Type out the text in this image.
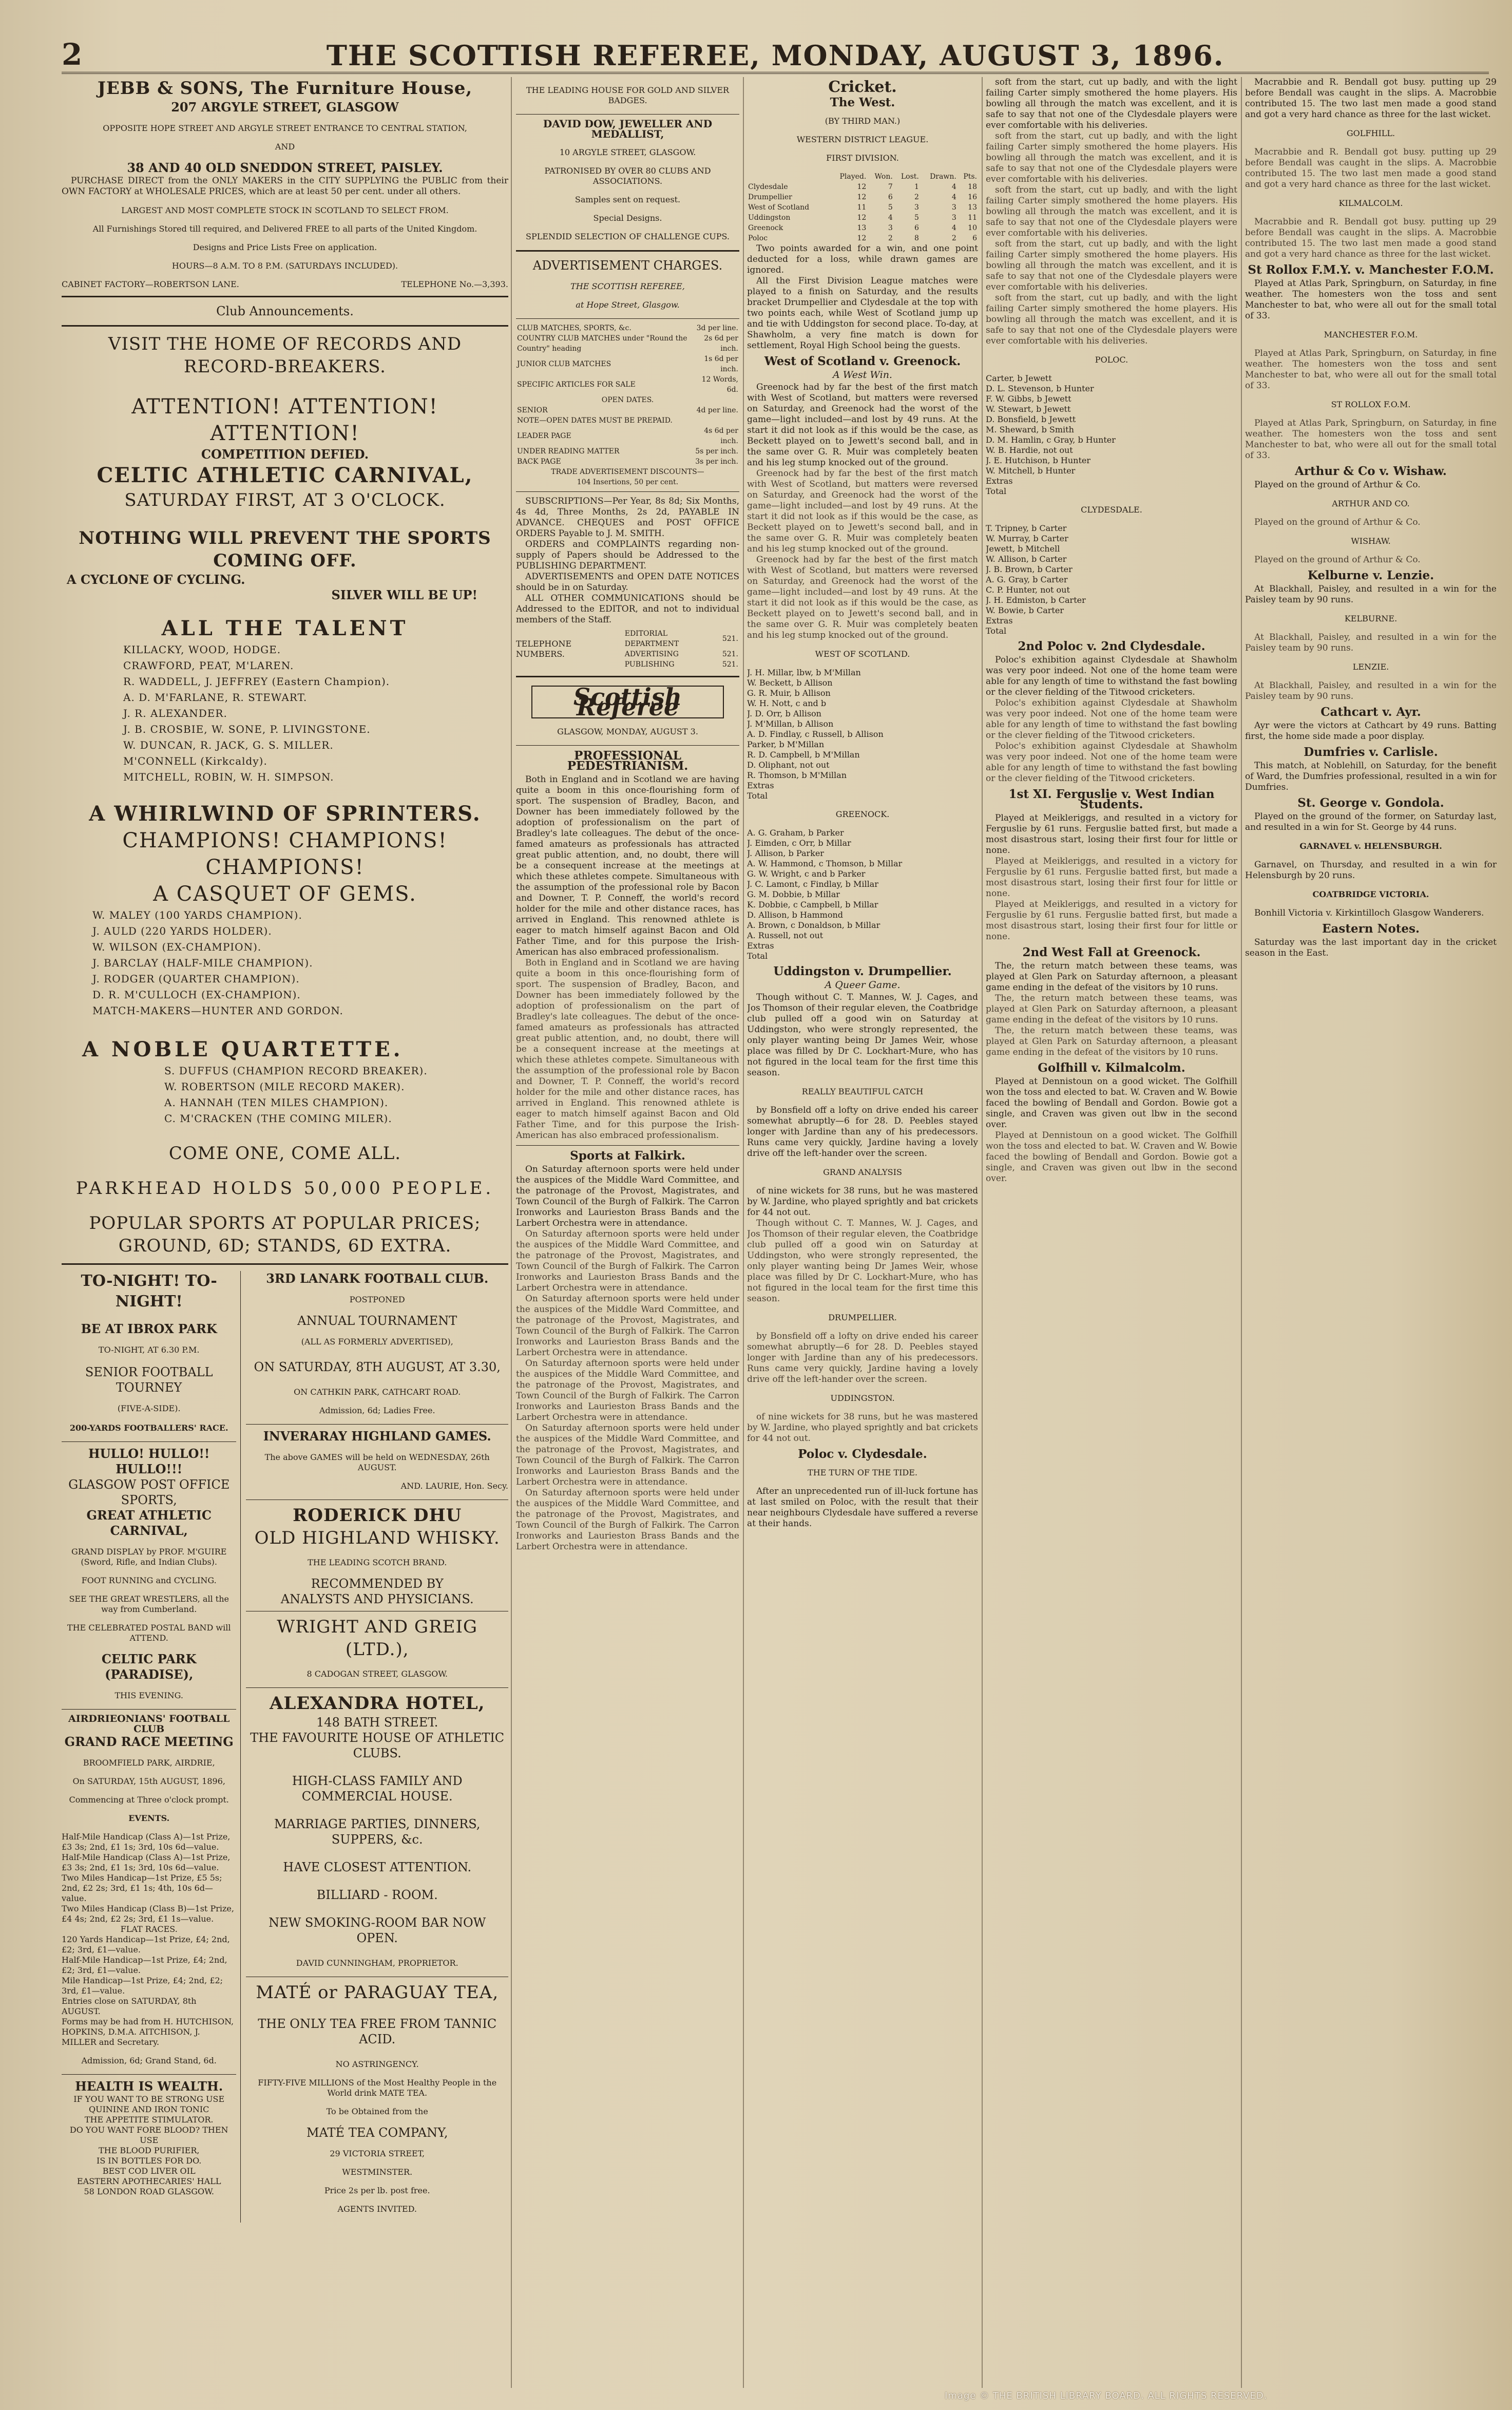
2	THE SCOTTISH REFEREE, MONDAY, AUGUST 3, 1896.

JEBB & SONS, The Furniture House,

207 ARGYLE STREET, GLASGOW

OPPOSITE HOPE STREET AND ARGYLE STREET ENTRANCE TO CENTRAL STATION,

AND

38 AND 40 OLD SNEDDON STREET, PAISLEY.

PURCHASE DIRECT from the ONLY MAKERS in the CITY SUPPLYING the PUBLIC from their OWN FACTORY at WHOLESALE PRICES, which are at least 50 per cent. under all others.

LARGEST AND MOST COMPLETE STOCK IN SCOTLAND TO SELECT FROM.

All Furnishings Stored till required, and Delivered FREE to all parts of the United Kingdom.

Designs and Price Lists Free on application.

HOURS—8 A.M. TO 8 P.M. (SATURDAYS INCLUDED).

CABINET FACTORY—ROBERTSON LANE.	TELEPHONE No.—3,393.

Club Announcements.

VISIT THE HOME OF RECORDS AND RECORD-BREAKERS.

ATTENTION! ATTENTION! ATTENTION!

COMPETITION DEFIED.

CELTIC ATHLETIC CARNIVAL,

SATURDAY FIRST, AT 3 O'CLOCK.

NOTHING WILL PREVENT THE SPORTS COMING OFF.

A CYCLONE OF CYCLING.

SILVER WILL BE UP!

ALL THE TALENT

KILLACKY, WOOD, HODGE.
CRAWFORD, PEAT, M'LAREN.
R. WADDELL, J. JEFFREY (Eastern Champion).
A. D. M'FARLANE, R. STEWART.
J. R. ALEXANDER.
J. B. CROSBIE, W. SONE, P. LIVINGSTONE.
W. DUNCAN, R. JACK, G. S. MILLER.
M'CONNELL (Kirkcaldy).
MITCHELL, ROBIN, W. H. SIMPSON.

A WHIRLWIND OF SPRINTERS.

CHAMPIONS! CHAMPIONS! CHAMPIONS!

A CASQUET OF GEMS.

W. MALEY (100 YARDS CHAMPION).
J. AULD (220 YARDS HOLDER).
W. WILSON (EX-CHAMPION).
J. BARCLAY (HALF-MILE CHAMPION).
J. RODGER (QUARTER CHAMPION).
D. R. M'CULLOCH (EX-CHAMPION).
MATCH-MAKERS—HUNTER AND GORDON.

A NOBLE QUARTETTE.

S. DUFFUS (CHAMPION RECORD BREAKER).
W. ROBERTSON (MILE RECORD MAKER).
A. HANNAH (TEN MILES CHAMPION).
C. M'CRACKEN (THE COMING MILER).

COME ONE, COME ALL.

PARKHEAD HOLDS 50,000 PEOPLE.

POPULAR SPORTS AT POPULAR PRICES;

GROUND, 6D; STANDS, 6D EXTRA.

TO-NIGHT! TO-NIGHT!

BE AT IBROX PARK

TO-NIGHT, AT 6.30 P.M.

SENIOR FOOTBALL TOURNEY

(FIVE-A-SIDE).

200-YARDS FOOTBALLERS' RACE.

HULLO! HULLO!! HULLO!!!

GLASGOW POST OFFICE SPORTS,

GREAT ATHLETIC CARNIVAL,

GRAND DISPLAY by PROF. M'GUIRE (Sword, Rifle, and Indian Clubs).

FOOT RUNNING and CYCLING.

SEE THE GREAT WRESTLERS, all the way from Cumberland.

THE CELEBRATED POSTAL BAND will ATTEND.

CELTIC PARK (PARADISE),

THIS EVENING.

AIRDRIEONIANS' FOOTBALL CLUB

GRAND RACE MEETING

BROOMFIELD PARK, AIRDRIE,

On SATURDAY, 15th AUGUST, 1896,

Commencing at Three o'clock prompt.

EVENTS.

Half-Mile Handicap (Class A)—1st Prize, £3 3s; 2nd, £1 1s; 3rd, 10s 6d—value.
Half-Mile Handicap (Class A)—1st Prize, £3 3s; 2nd, £1 1s; 3rd, 10s 6d—value.
Two Miles Handicap—1st Prize, £5 5s; 2nd, £2 2s; 3rd, £1 1s; 4th, 10s 6d—value.
Two Miles Handicap (Class B)—1st Prize, £4 4s; 2nd, £2 2s; 3rd, £1 1s—value.
FLAT RACES.
120 Yards Handicap—1st Prize, £4; 2nd, £2; 3rd, £1—value.
Half-Mile Handicap—1st Prize, £4; 2nd, £2; 3rd, £1—value.
Mile Handicap—1st Prize, £4; 2nd, £2; 3rd, £1—value.
Entries close on SATURDAY, 8th AUGUST.
Forms may be had from H. HUTCHISON, HOPKINS, D.M.A. AITCHISON, J. MILLER and Secretary.

Admission, 6d; Grand Stand, 6d.

HEALTH IS WEALTH.

IF YOU WANT TO BE STRONG USE
QUININE AND IRON TONIC
THE APPETITE STIMULATOR.
DO YOU WANT FORE BLOOD? THEN USE
THE BLOOD PURIFIER,
IS IN BOTTLES FOR DO.
BEST COD LIVER OIL
EASTERN APOTHECARIES' HALL
58 LONDON ROAD GLASGOW.

3RD LANARK FOOTBALL CLUB.

POSTPONED

ANNUAL TOURNAMENT

(ALL AS FORMERLY ADVERTISED),

ON SATURDAY, 8TH AUGUST, AT 3.30,

ON CATHKIN PARK, CATHCART ROAD.

Admission, 6d; Ladies Free.

INVERARAY HIGHLAND GAMES.

The above GAMES will be held on WEDNESDAY, 26th AUGUST.

AND. LAURIE, Hon. Secy.

RODERICK DHU

OLD HIGHLAND WHISKY.

THE LEADING SCOTCH BRAND.

RECOMMENDED BY

ANALYSTS AND PHYSICIANS.

WRIGHT AND GREIG (LTD.),

8 CADOGAN STREET, GLASGOW.

ALEXANDRA HOTEL,

148 BATH STREET.

THE FAVOURITE HOUSE OF ATHLETIC CLUBS.

HIGH-CLASS FAMILY AND COMMERCIAL HOUSE.

MARRIAGE PARTIES, DINNERS, SUPPERS, &c.

HAVE CLOSEST ATTENTION.

BILLIARD - ROOM.

NEW SMOKING-ROOM BAR NOW OPEN.

DAVID CUNNINGHAM, PROPRIETOR.

MATÉ or PARAGUAY TEA,

THE ONLY TEA FREE FROM TANNIC ACID.

NO ASTRINGENCY.

FIFTY-FIVE MILLIONS of the Most Healthy People in the World drink MATE TEA.

To be Obtained from the

MATÉ TEA COMPANY,

29 VICTORIA STREET,

WESTMINSTER.

Price 2s per lb. post free.

AGENTS INVITED.

THE LEADING HOUSE FOR GOLD AND SILVER BADGES.

DAVID DOW, JEWELLER AND MEDALLIST,

10 ARGYLE STREET, GLASGOW.

PATRONISED BY OVER 80 CLUBS AND ASSOCIATIONS.

Samples sent on request.

Special Designs.

SPLENDID SELECTION OF CHALLENGE CUPS.

ADVERTISEMENT CHARGES.

THE SCOTTISH REFEREE,

at Hope Street, Glasgow.

CLUB MATCHES, SPORTS, &c.	3d per line.
COUNTRY CLUB MATCHES under "Round the Country" heading	2s 6d per inch.
JUNIOR CLUB MATCHES	1s 6d per inch.
SPECIFIC ARTICLES FOR SALE	12 Words, 6d.
OPEN DATES.	
SENIOR	4d per line.
NOTE—OPEN DATES MUST BE PREPAID.	
LEADER PAGE	4s 6d per inch.
UNDER READING MATTER	5s per inch.
BACK PAGE	3s per inch.
TRADE ADVERTISEMENT DISCOUNTS—	
104 Insertions, 50 per cent.	

SUBSCRIPTIONS—Per Year, 8s 8d; Six Months, 4s 4d, Three Months, 2s 2d, PAYABLE IN ADVANCE. CHEQUES and POST OFFICE ORDERS Payable to J. M. SMITH.

ORDERS and COMPLAINTS regarding non-supply of Papers should be Addressed to the PUBLISHING DEPARTMENT.

ADVERTISEMENTS and OPEN DATE NOTICES should be in on Saturday.

ALL OTHER COMMUNICATIONS should be Addressed to the EDITOR, and not to individual members of the Staff.

TELEPHONE NUMBERS.
EDITORIAL DEPARTMENT	521.
ADVERTISING	521.
PUBLISHING	521.
Scottish Referee

GLASGOW, MONDAY, AUGUST 3.

PROFESSIONAL PEDESTRIANISM.

Both in England and in Scotland we are having quite a boom in this once-flourishing form of sport. The suspension of Bradley, Bacon, and Downer has been immediately followed by the adoption of professionalism on the part of Bradley's late colleagues. The debut of the once-famed amateurs as professionals has attracted great public attention, and, no doubt, there will be a consequent increase at the meetings at which these athletes compete. Simultaneous with the assumption of the professional role by Bacon and Downer, T. P. Conneff, the world's record holder for the mile and other distance races, has arrived in England. This renowned athlete is eager to match himself against Bacon and Old Father Time, and for this purpose the Irish-American has also embraced professionalism.

Both in England and in Scotland we are having quite a boom in this once-flourishing form of sport. The suspension of Bradley, Bacon, and Downer has been immediately followed by the adoption of professionalism on the part of Bradley's late colleagues. The debut of the once-famed amateurs as professionals has attracted great public attention, and, no doubt, there will be a consequent increase at the meetings at which these athletes compete. Simultaneous with the assumption of the professional role by Bacon and Downer, T. P. Conneff, the world's record holder for the mile and other distance races, has arrived in England. This renowned athlete is eager to match himself against Bacon and Old Father Time, and for this purpose the Irish-American has also embraced professionalism.

Sports at Falkirk.

On Saturday afternoon sports were held under the auspices of the Middle Ward Committee, and the patronage of the Provost, Magistrates, and Town Council of the Burgh of Falkirk. The Carron Ironworks and Laurieston Brass Bands and the Larbert Orchestra were in attendance.

On Saturday afternoon sports were held under the auspices of the Middle Ward Committee, and the patronage of the Provost, Magistrates, and Town Council of the Burgh of Falkirk. The Carron Ironworks and Laurieston Brass Bands and the Larbert Orchestra were in attendance.

On Saturday afternoon sports were held under the auspices of the Middle Ward Committee, and the patronage of the Provost, Magistrates, and Town Council of the Burgh of Falkirk. The Carron Ironworks and Laurieston Brass Bands and the Larbert Orchestra were in attendance.

On Saturday afternoon sports were held under the auspices of the Middle Ward Committee, and the patronage of the Provost, Magistrates, and Town Council of the Burgh of Falkirk. The Carron Ironworks and Laurieston Brass Bands and the Larbert Orchestra were in attendance.

On Saturday afternoon sports were held under the auspices of the Middle Ward Committee, and the patronage of the Provost, Magistrates, and Town Council of the Burgh of Falkirk. The Carron Ironworks and Laurieston Brass Bands and the Larbert Orchestra were in attendance.

On Saturday afternoon sports were held under the auspices of the Middle Ward Committee, and the patronage of the Provost, Magistrates, and Town Council of the Burgh of Falkirk. The Carron Ironworks and Laurieston Brass Bands and the Larbert Orchestra were in attendance.

Cricket.

The West.

(BY THIRD MAN.)

WESTERN DISTRICT LEAGUE.

FIRST DIVISION.

	Played.	Won.	Lost.	Drawn.	Pts.
Clydesdale	12	7	1	4	18
Drumpellier	12	6	2	4	16
West of Scotland	11	5	3	3	13
Uddingston	12	4	5	3	11
Greenock	13	3	6	4	10
Poloc	12	2	8	2	6

Two points awarded for a win, and one point deducted for a loss, while drawn games are ignored.

All the First Division League matches were played to a finish on Saturday, and the results bracket Drumpellier and Clydesdale at the top with two points each, while West of Scotland jump up and tie with Uddingston for second place. To-day, at Shawholm, a very fine match is down for settlement, Royal High School being the guests.

West of Scotland v. Greenock.

A West Win.

Greenock had by far the best of the first match with West of Scotland, but matters were reversed on Saturday, and Greenock had the worst of the game—light included—and lost by 49 runs. At the start it did not look as if this would be the case, as Beckett played on to Jewett's second ball, and in the same over G. R. Muir was completely beaten and his leg stump knocked out of the ground.

Greenock had by far the best of the first match with West of Scotland, but matters were reversed on Saturday, and Greenock had the worst of the game—light included—and lost by 49 runs. At the start it did not look as if this would be the case, as Beckett played on to Jewett's second ball, and in the same over G. R. Muir was completely beaten and his leg stump knocked out of the ground.

Greenock had by far the best of the first match with West of Scotland, but matters were reversed on Saturday, and Greenock had the worst of the game—light included—and lost by 49 runs. At the start it did not look as if this would be the case, as Beckett played on to Jewett's second ball, and in the same over G. R. Muir was completely beaten and his leg stump knocked out of the ground.

WEST OF SCOTLAND.

J. H. Millar, lbw, b M'Millan
W. Beckett, b Allison
G. R. Muir, b Allison
W. H. Nott, c and b
J. D. Orr, b Allison
J. M'Millan, b Allison
A. D. Findlay, c Russell, b Allison
Parker, b M'Millan
R. D. Campbell, b M'Millan
D. Oliphant, not out
R. Thomson, b M'Millan
Extras
Total

GREENOCK.

A. G. Graham, b Parker
J. Eimden, c Orr, b Millar
J. Allison, b Parker
A. W. Hammond, c Thomson, b Millar
G. W. Wright, c and b Parker
J. C. Lamont, c Findlay, b Millar
G. M. Dobbie, b Millar
K. Dobbie, c Campbell, b Millar
D. Allison, b Hammond
A. Brown, c Donaldson, b Millar
A. Russell, not out
Extras
Total

Uddingston v. Drumpellier.

A Queer Game.

Though without C. T. Mannes, W. J. Cages, and Jos Thomson of their regular eleven, the Coatbridge club pulled off a good win on Saturday at Uddingston, who were strongly represented, the only player wanting being Dr James Weir, whose place was filled by Dr C. Lockhart-Mure, who has not figured in the local team for the first time this season.

REALLY BEAUTIFUL CATCH

by Bonsfield off a lofty on drive ended his career somewhat abruptly—6 for 28. D. Peebles stayed longer with Jardine than any of his predecessors. Runs came very quickly, Jardine having a lovely drive off the left-hander over the screen.

GRAND ANALYSIS

of nine wickets for 38 runs, but he was mastered by W. Jardine, who played sprightly and bat crickets for 44 not out.

Though without C. T. Mannes, W. J. Cages, and Jos Thomson of their regular eleven, the Coatbridge club pulled off a good win on Saturday at Uddingston, who were strongly represented, the only player wanting being Dr James Weir, whose place was filled by Dr C. Lockhart-Mure, who has not figured in the local team for the first time this season.

DRUMPELLIER.

by Bonsfield off a lofty on drive ended his career somewhat abruptly—6 for 28. D. Peebles stayed longer with Jardine than any of his predecessors. Runs came very quickly, Jardine having a lovely drive off the left-hander over the screen.

UDDINGSTON.

of nine wickets for 38 runs, but he was mastered by W. Jardine, who played sprightly and bat crickets for 44 not out.

Poloc v. Clydesdale.

THE TURN OF THE TIDE.

After an unprecedented run of ill-luck fortune has at last smiled on Poloc, with the result that their near neighbours Clydesdale have suffered a reverse at their hands.

soft from the start, cut up badly, and with the light failing Carter simply smothered the home players. His bowling all through the match was excellent, and it is safe to say that not one of the Clydesdale players were ever comfortable with his deliveries.

soft from the start, cut up badly, and with the light failing Carter simply smothered the home players. His bowling all through the match was excellent, and it is safe to say that not one of the Clydesdale players were ever comfortable with his deliveries.

soft from the start, cut up badly, and with the light failing Carter simply smothered the home players. His bowling all through the match was excellent, and it is safe to say that not one of the Clydesdale players were ever comfortable with his deliveries.

soft from the start, cut up badly, and with the light failing Carter simply smothered the home players. His bowling all through the match was excellent, and it is safe to say that not one of the Clydesdale players were ever comfortable with his deliveries.

soft from the start, cut up badly, and with the light failing Carter simply smothered the home players. His bowling all through the match was excellent, and it is safe to say that not one of the Clydesdale players were ever comfortable with his deliveries.

POLOC.

Carter, b Jewett
D. L. Stevenson, b Hunter
F. W. Gibbs, b Jewett
W. Stewart, b Jewett
D. Bonsfield, b Jewett
M. Sheward, b Smith
D. M. Hamlin, c Gray, b Hunter
W. B. Hardie, not out
J. E. Hutchison, b Hunter
W. Mitchell, b Hunter
Extras
Total

CLYDESDALE.

T. Tripney, b Carter
W. Murray, b Carter
Jewett, b Mitchell
W. Allison, b Carter
J. B. Brown, b Carter
A. G. Gray, b Carter
C. P. Hunter, not out
J. H. Edmiston, b Carter
W. Bowie, b Carter
Extras
Total

2nd Poloc v. 2nd Clydesdale.

Poloc's exhibition against Clydesdale at Shawholm was very poor indeed. Not one of the home team were able for any length of time to withstand the fast bowling or the clever fielding of the Titwood cricketers.

Poloc's exhibition against Clydesdale at Shawholm was very poor indeed. Not one of the home team were able for any length of time to withstand the fast bowling or the clever fielding of the Titwood cricketers.

Poloc's exhibition against Clydesdale at Shawholm was very poor indeed. Not one of the home team were able for any length of time to withstand the fast bowling or the clever fielding of the Titwood cricketers.

1st XI. Ferguslie v. West Indian Students.

Played at Meikleriggs, and resulted in a victory for Ferguslie by 61 runs. Ferguslie batted first, but made a most disastrous start, losing their first four for little or none.

Played at Meikleriggs, and resulted in a victory for Ferguslie by 61 runs. Ferguslie batted first, but made a most disastrous start, losing their first four for little or none.

Played at Meikleriggs, and resulted in a victory for Ferguslie by 61 runs. Ferguslie batted first, but made a most disastrous start, losing their first four for little or none.

2nd West Fall at Greenock.

The, the return match between these teams, was played at Glen Park on Saturday afternoon, a pleasant game ending in the defeat of the visitors by 10 runs.

The, the return match between these teams, was played at Glen Park on Saturday afternoon, a pleasant game ending in the defeat of the visitors by 10 runs.

The, the return match between these teams, was played at Glen Park on Saturday afternoon, a pleasant game ending in the defeat of the visitors by 10 runs.

Golfhill v. Kilmalcolm.

Played at Dennistoun on a good wicket. The Golfhill won the toss and elected to bat. W. Craven and W. Bowie faced the bowling of Bendall and Gordon. Bowie got a single, and Craven was given out lbw in the second over.

Played at Dennistoun on a good wicket. The Golfhill won the toss and elected to bat. W. Craven and W. Bowie faced the bowling of Bendall and Gordon. Bowie got a single, and Craven was given out lbw in the second over.

Macrabbie and R. Bendall got busy. putting up 29 before Bendall was caught in the slips. A. Macrobbie contributed 15. The two last men made a good stand and got a very hard chance as three for the last wicket.

GOLFHILL.

Macrabbie and R. Bendall got busy. putting up 29 before Bendall was caught in the slips. A. Macrobbie contributed 15. The two last men made a good stand and got a very hard chance as three for the last wicket.

KILMALCOLM.

Macrabbie and R. Bendall got busy. putting up 29 before Bendall was caught in the slips. A. Macrobbie contributed 15. The two last men made a good stand and got a very hard chance as three for the last wicket.

St Rollox F.M.Y. v. Manchester F.O.M.

Played at Atlas Park, Springburn, on Saturday, in fine weather. The homesters won the toss and sent Manchester to bat, who were all out for the small total of 33.

MANCHESTER F.O.M.

Played at Atlas Park, Springburn, on Saturday, in fine weather. The homesters won the toss and sent Manchester to bat, who were all out for the small total of 33.

ST ROLLOX F.O.M.

Played at Atlas Park, Springburn, on Saturday, in fine weather. The homesters won the toss and sent Manchester to bat, who were all out for the small total of 33.

Arthur & Co v. Wishaw.

Played on the ground of Arthur & Co.

ARTHUR AND CO.

Played on the ground of Arthur & Co.

WISHAW.

Played on the ground of Arthur & Co.

Kelburne v. Lenzie.

At Blackhall, Paisley, and resulted in a win for the Paisley team by 90 runs.

KELBURNE.

At Blackhall, Paisley, and resulted in a win for the Paisley team by 90 runs.

LENZIE.

At Blackhall, Paisley, and resulted in a win for the Paisley team by 90 runs.

Cathcart v. Ayr.

Ayr were the victors at Cathcart by 49 runs. Batting first, the home side made a poor display.

Dumfries v. Carlisle.

This match, at Noblehill, on Saturday, for the benefit of Ward, the Dumfries professional, resulted in a win for Dumfries.

St. George v. Gondola.

Played on the ground of the former, on Saturday last, and resulted in a win for St. George by 44 runs.

GARNAVEL v. HELENSBURGH.

Garnavel, on Thursday, and resulted in a win for Helensburgh by 20 runs.

COATBRIDGE VICTORIA.

Bonhill Victoria v. Kirkintilloch Glasgow Wanderers.

Eastern Notes.

Saturday was the last important day in the cricket season in the East.

Image © THE BRITISH LIBRARY BOARD. ALL RIGHTS RESERVED.
